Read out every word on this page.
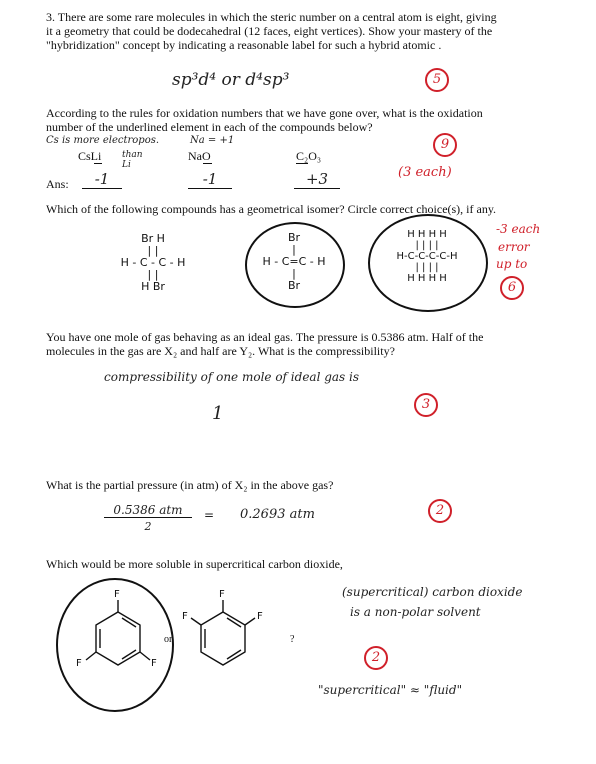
3. There are some rare molecules in which the steric number on a central atom is eight, giving
it a geometry that could be dodecahedral (12 faces, eight vertices). Show your mastery of the
"hybridization" concept by indicating a reasonable label for such a hybrid atomic .
sp³d⁴ or d⁴sp³	5
According to the rules for oxidation numbers that we have gone over, what is the oxidation
number of the underlined element in each of the compounds below?
Cs is more electropos.	Na = +1
than Li
CsLi	NaO	C₂O₃
9
(3 each)
Ans:	-1	-1	+3
Which of the following compounds has a geometrical isomer? Circle correct choice(s), if any.
Br H
| |
H - C - C - H
| |
H Br
Br
|
H - C=C - H
|
Br
H H H H
| | | |
H-C-C-C-C-H
| | | |
H H H H
-3 each
error
up to
6
You have one mole of gas behaving as an ideal gas. The pressure is 0.5386 atm. Half of the
molecules in the gas are X₂ and half are Y₂. What is the compressibility?
compressibility of one mole of ideal gas is
1	3
What is the partial pressure (in atm) of X₂ in the above gas?
0.5386 atm
2
= 0.2693 atm	2
Which would be more soluble in supercritical carbon dioxide,
F
F
F
F
F	F
or	?
(supercritical) carbon dioxide
is a non-polar solvent
2
"supercritical" ≈ "fluid"
